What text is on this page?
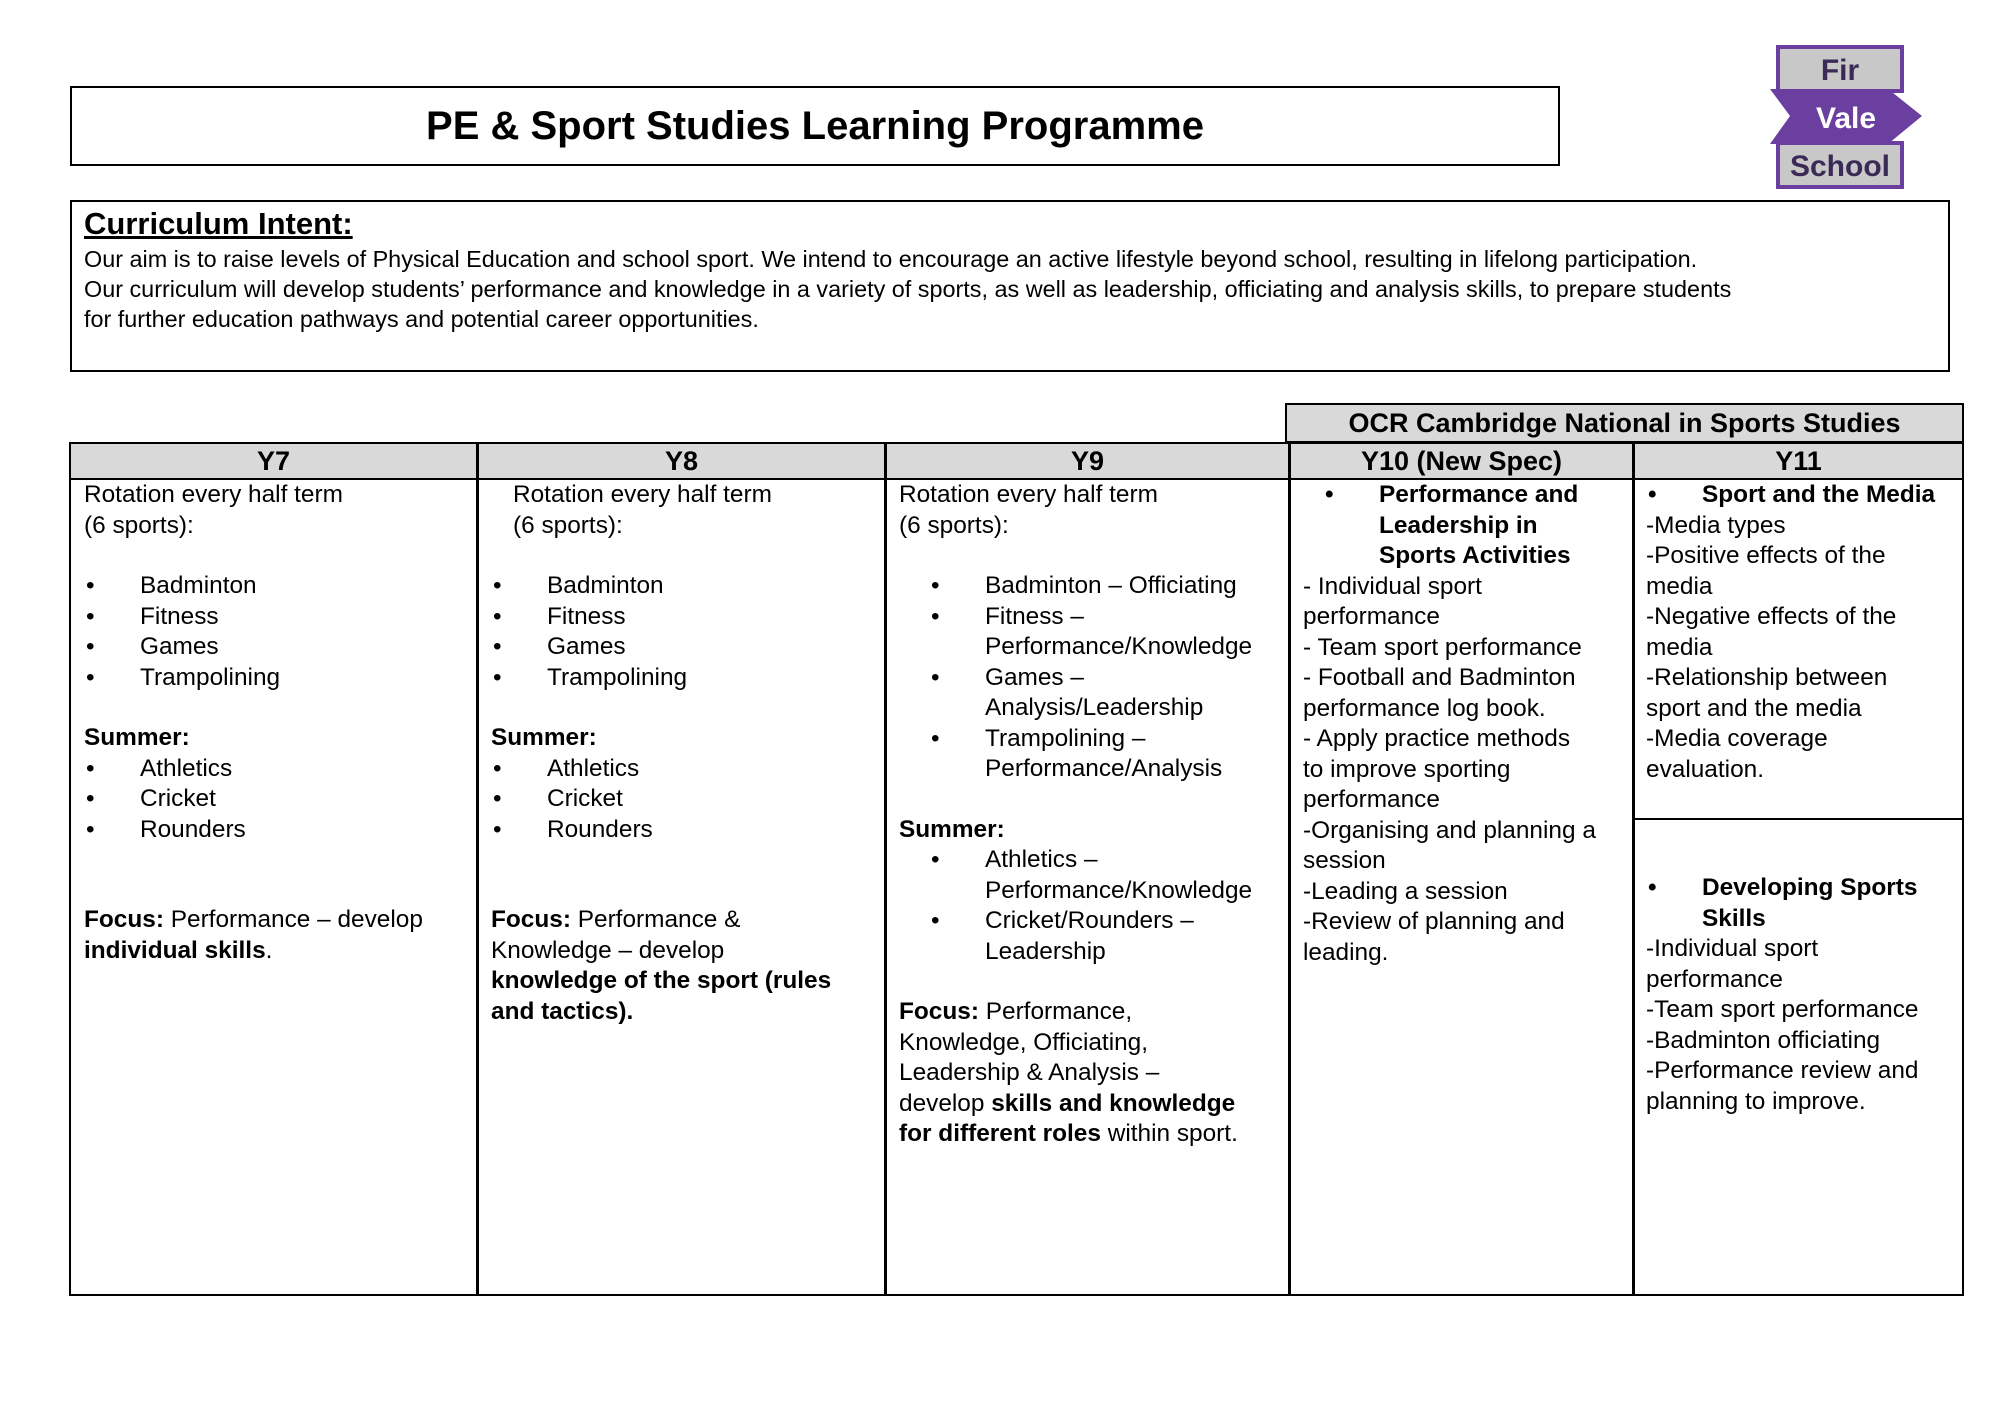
PE & Sport Studies Learning Programme
Fir
Vale
School
Curriculum Intent:
Our aim is to raise levels of Physical Education and school sport. We intend to encourage an active lifestyle beyond school, resulting in lifelong participation.
Our curriculum will develop students’ performance and knowledge in a variety of sports, as well as leadership, officiating and analysis skills, to prepare students
for further education pathways and potential career opportunities.
OCR Cambridge National in Sports Studies
Y7

Rotation every half term

(6 sports):

• Badminton
• Fitness
• Games
• Trampolining

Summer:

• Athletics
• Cricket
• Rounders

Focus: Performance – develop

individual skills.

Y8

Rotation every half term

(6 sports):

• Badminton
• Fitness
• Games
• Trampolining

Summer:

• Athletics
• Cricket
• Rounders

Focus: Performance &

Knowledge – develop

knowledge of the sport (rules

and tactics).

Y9

Rotation every half term

(6 sports):

• Badminton – Officiating
• Fitness –
Performance/Knowledge
• Games –
Analysis/Leadership
• Trampolining –
Performance/Analysis

Summer:

• Athletics –
Performance/Knowledge
• Cricket/Rounders –
Leadership

Focus: Performance,

Knowledge, Officiating,

Leadership & Analysis –

develop skills and knowledge

for different roles within sport.

Y10 (New Spec)
• Performance and
Leadership in
Sports Activities

- Individual sport

performance

- Team sport performance

- Football and Badminton

performance log book.

- Apply practice methods

to improve sporting

performance

-Organising and planning a

session

-Leading a session

-Review of planning and

leading.

Y11
• Sport and the Media

-Media types

-Positive effects of the

media

-Negative effects of the

media

-Relationship between

sport and the media

-Media coverage

evaluation.

• Developing Sports
Skills

-Individual sport

performance

-Team sport performance

-Badminton officiating

-Performance review and

planning to improve.
